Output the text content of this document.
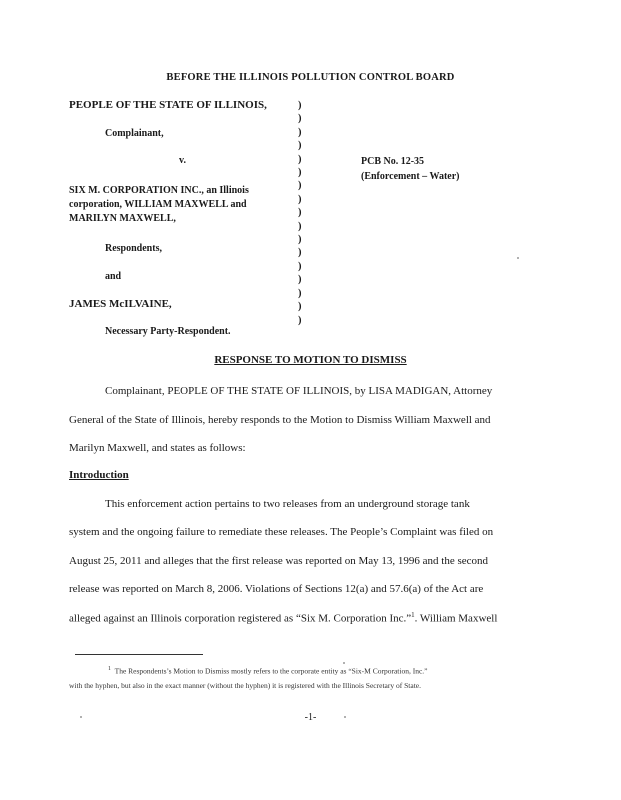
BEFORE THE ILLINOIS POLLUTION CONTROL BOARD
PEOPLE OF THE STATE OF ILLINOIS,
Complainant,
v.
SIX M. CORPORATION INC., an Illinois
corporation, WILLIAM MAXWELL and
MARILYN MAXWELL,
Respondents,
and
JAMES McILVAINE,
Necessary Party-Respondent.
)
)
)
)
)
)
)
)
)
)
)
)
)
)
)
)
)
PCB No. 12-35
(Enforcement – Water)
RESPONSE TO MOTION TO DISMISS
Complainant, PEOPLE OF THE STATE OF ILLINOIS, by LISA MADIGAN, Attorney
General of the State of Illinois, hereby responds to the Motion to Dismiss William Maxwell and
Marilyn Maxwell, and states as follows:
Introduction
This enforcement action pertains to two releases from an underground storage tank
system and the ongoing failure to remediate these releases. The People’s Complaint was filed on
August 25, 2011 and alleges that the first release was reported on May 13, 1996 and the second
release was reported on March 8, 2006. Violations of Sections 12(a) and 57.6(a) of the Act are
alleged against an Illinois corporation registered as “Six M. Corporation Inc.”$^1$. William Maxwell
$^1$ The Respondents’s Motion to Dismiss mostly refers to the corporate entity as “Six-M Corporation, Inc.”
with the hyphen, but also in the exact manner (without the hyphen) it is registered with the Illinois Secretary of State.
-1-
